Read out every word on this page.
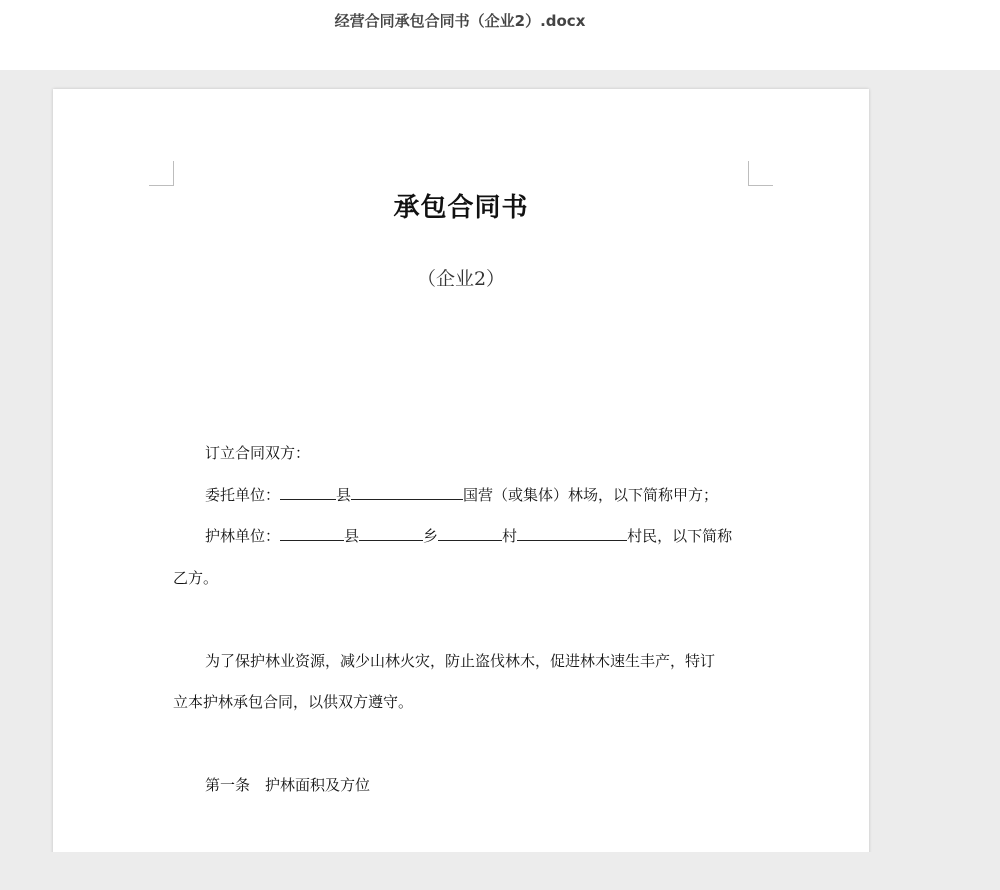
经营合同承包合同书（企业2）.docx
承包合同书
（企业2）
订立合同双方：
委托单位：	县	国营（或集体）林场，以下简称甲方；
护林单位：	县	乡	村	村民，以下简称
乙方。
为了保护林业资源，减少山林火灾，防止盗伐林木，促进林木速生丰产，特订
立本护林承包合同，以供双方遵守。
第一条　护林面积及方位
